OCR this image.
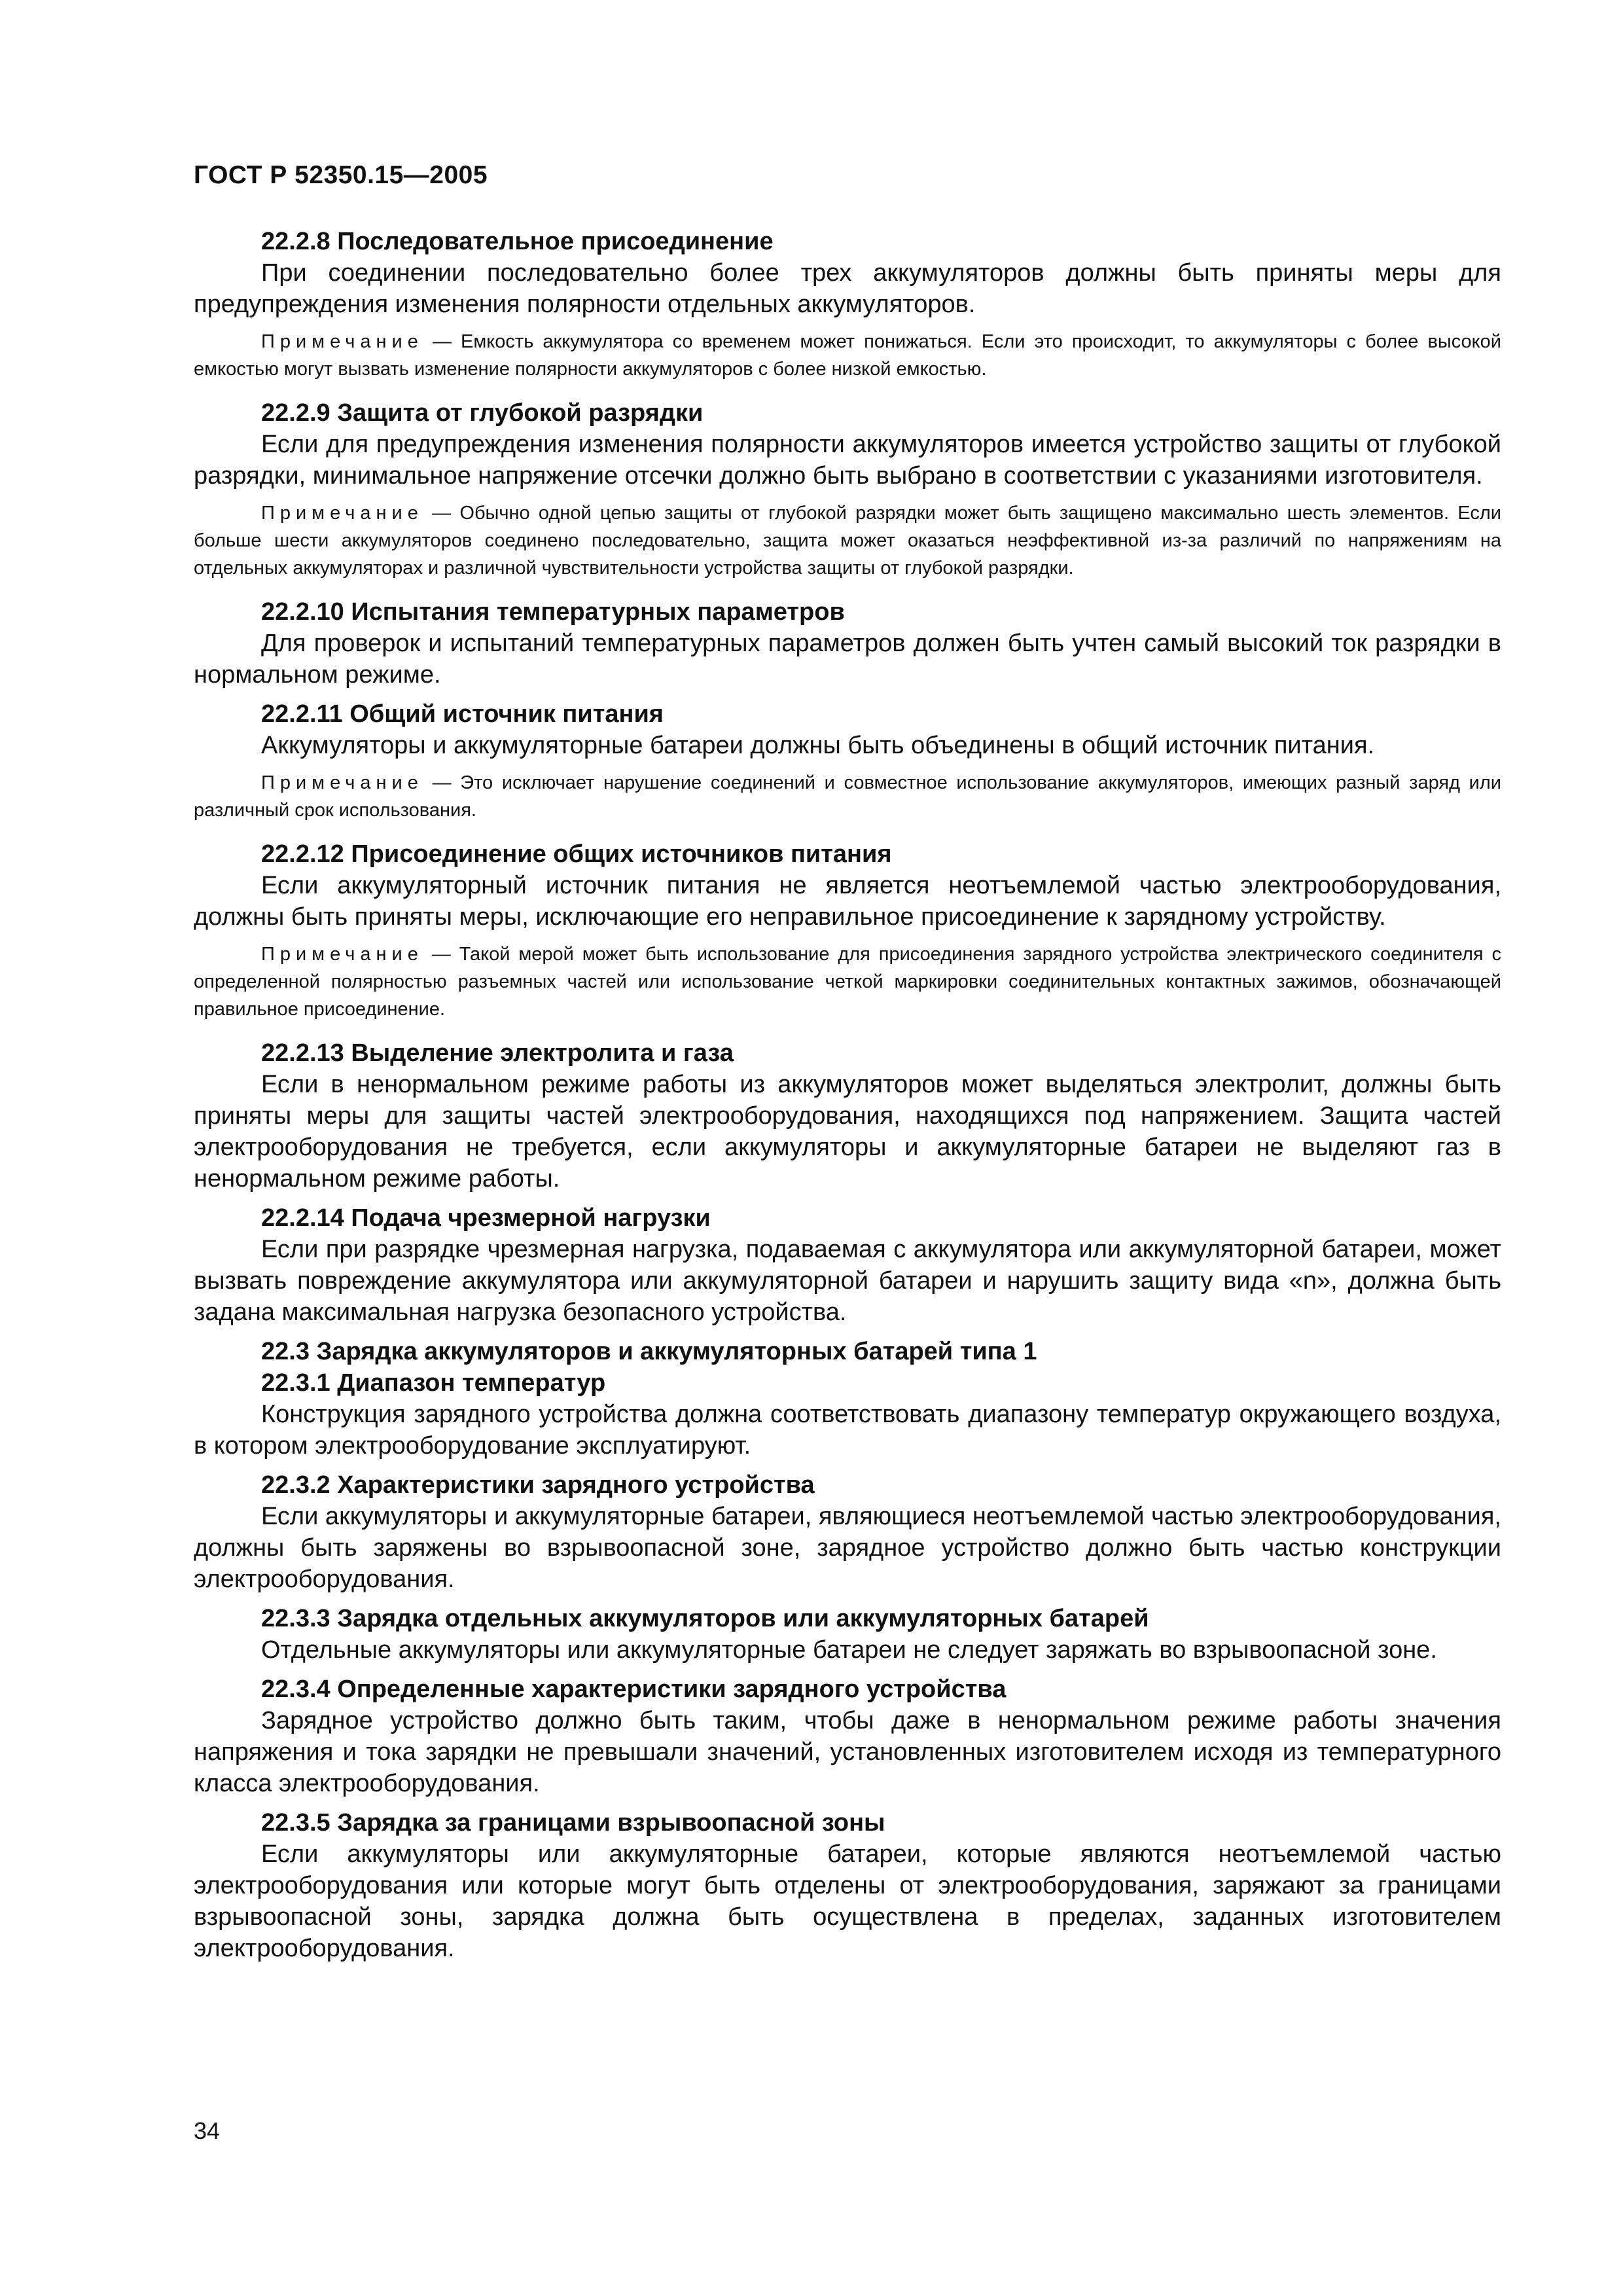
ГОСТ Р 52350.15—2005

22.2.8 Последовательное присоединение

При соединении последовательно более трех аккумуляторов должны быть приняты меры для предупреждения изменения полярности отдельных аккумуляторов.

Примечание — Емкость аккумулятора со временем может понижаться. Если это происходит, то аккумуляторы с более высокой емкостью могут вызвать изменение полярности аккумуляторов с более низкой емкостью.

22.2.9 Защита от глубокой разрядки

Если для предупреждения изменения полярности аккумуляторов имеется устройство защиты от глубокой разрядки, минимальное напряжение отсечки должно быть выбрано в соответствии с указаниями изготовителя.

Примечание — Обычно одной цепью защиты от глубокой разрядки может быть защищено максимально шесть элементов. Если больше шести аккумуляторов соединено последовательно, защита может оказаться неэффективной из-за различий по напряжениям на отдельных аккумуляторах и различной чувствительности устройства защиты от глубокой разрядки.

22.2.10 Испытания температурных параметров

Для проверок и испытаний температурных параметров должен быть учтен самый высокий ток разрядки в нормальном режиме.

22.2.11 Общий источник питания

Аккумуляторы и аккумуляторные батареи должны быть объединены в общий источник питания.

Примечание — Это исключает нарушение соединений и совместное использование аккумуляторов, имеющих разный заряд или различный срок использования.

22.2.12 Присоединение общих источников питания

Если аккумуляторный источник питания не является неотъемлемой частью электрооборудования, должны быть приняты меры, исключающие его неправильное присоединение к зарядному устройству.

Примечание — Такой мерой может быть использование для присоединения зарядного устройства электрического соединителя с определенной полярностью разъемных частей или использование четкой маркировки соединительных контактных зажимов, обозначающей правильное присоединение.

22.2.13 Выделение электролита и газа

Если в ненормальном режиме работы из аккумуляторов может выделяться электролит, должны быть приняты меры для защиты частей электрооборудования, находящихся под напряжением. Защита частей электрооборудования не требуется, если аккумуляторы и аккумуляторные батареи не выделяют газ в ненормальном режиме работы.

22.2.14 Подача чрезмерной нагрузки

Если при разрядке чрезмерная нагрузка, подаваемая с аккумулятора или аккумуляторной батареи, может вызвать повреждение аккумулятора или аккумуляторной батареи и нарушить защиту вида «n», должна быть задана максимальная нагрузка безопасного устройства.

22.3 Зарядка аккумуляторов и аккумуляторных батарей типа 1

22.3.1 Диапазон температур

Конструкция зарядного устройства должна соответствовать диапазону температур окружающего воздуха, в котором электрооборудование эксплуатируют.

22.3.2 Характеристики зарядного устройства

Если аккумуляторы и аккумуляторные батареи, являющиеся неотъемлемой частью электрооборудования, должны быть заряжены во взрывоопасной зоне, зарядное устройство должно быть частью конструкции электрооборудования.

22.3.3 Зарядка отдельных аккумуляторов или аккумуляторных батарей

Отдельные аккумуляторы или аккумуляторные батареи не следует заряжать во взрывоопасной зоне.

22.3.4 Определенные характеристики зарядного устройства

Зарядное устройство должно быть таким, чтобы даже в ненормальном режиме работы значения напряжения и тока зарядки не превышали значений, установленных изготовителем исходя из температурного класса электрооборудования.

22.3.5 Зарядка за границами взрывоопасной зоны

Если аккумуляторы или аккумуляторные батареи, которые являются неотъемлемой частью электрооборудования или которые могут быть отделены от электрооборудования, заряжают за границами взрывоопасной зоны, зарядка должна быть осуществлена в пределах, заданных изготовителем электрооборудования.

34
